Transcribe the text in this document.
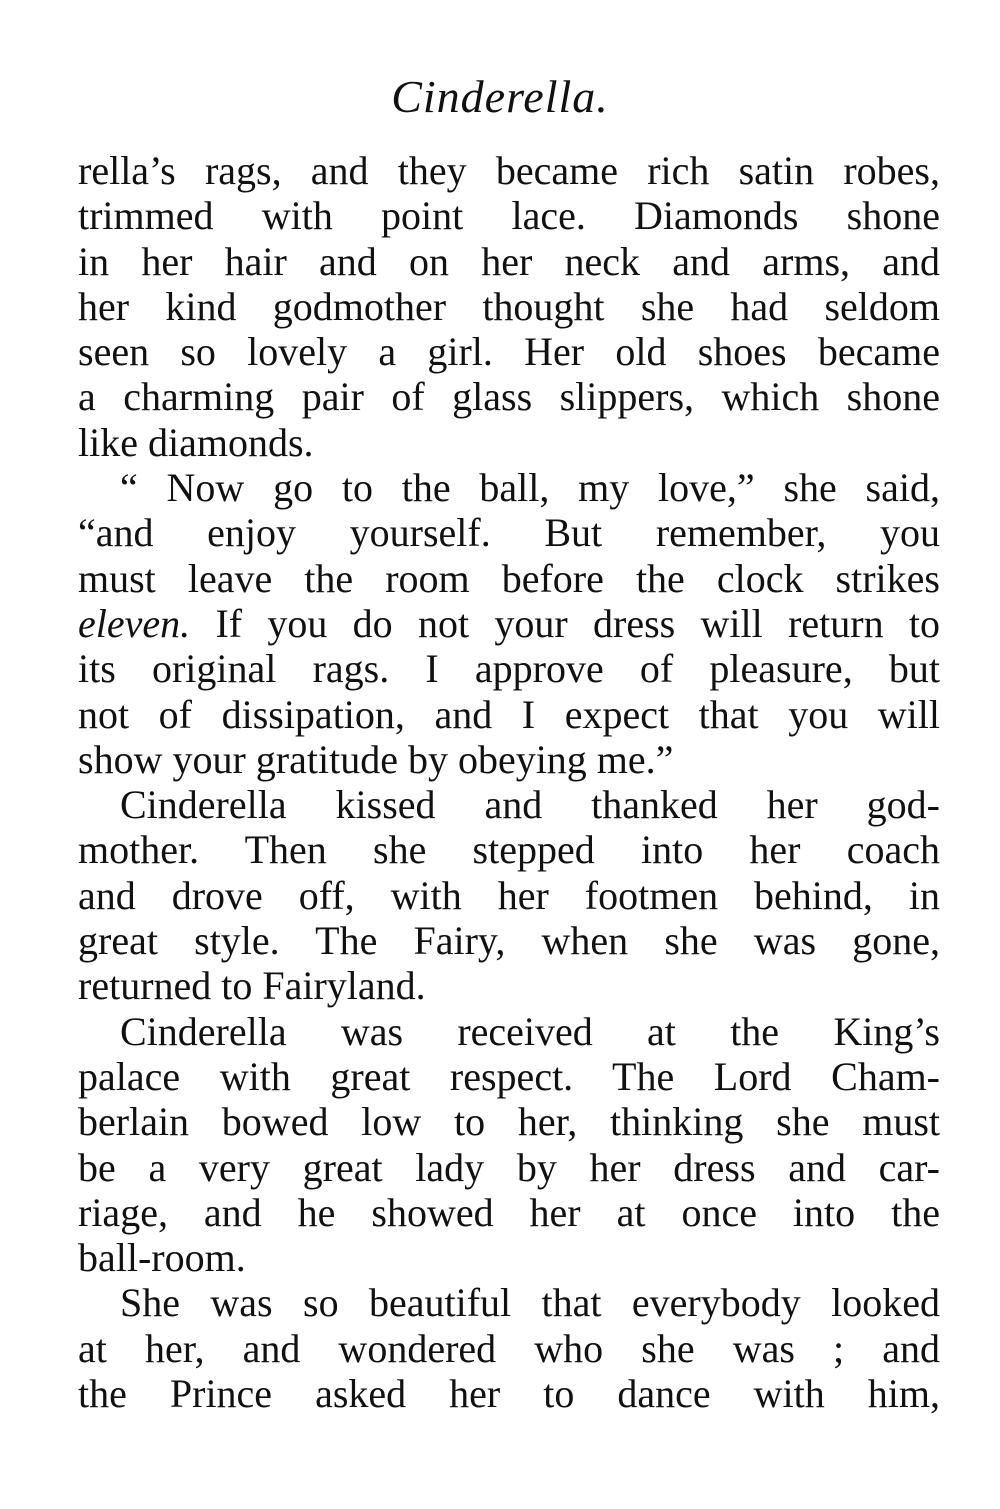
Cinderella.
rella’s rags, and they became rich satin robes,
trimmed with point lace. Diamonds shone
in her hair and on her neck and arms, and
her kind godmother thought she had seldom
seen so lovely a girl. Her old shoes became
a charming pair of glass slippers, which shone
like diamonds.
“ Now go to the ball, my love,” she said,
“and enjoy yourself. But remember, you
must leave the room before the clock strikes
eleven. If you do not your dress will return to
its original rags. I approve of pleasure, but
not of dissipation, and I expect that you will
show your gratitude by obeying me.”
Cinderella kissed and thanked her god-
mother. Then she stepped into her coach
and drove off, with her footmen behind, in
great style. The Fairy, when she was gone,
returned to Fairyland.
Cinderella was received at the King’s
palace with great respect. The Lord Cham-
berlain bowed low to her, thinking she must
be a very great lady by her dress and car-
riage, and he showed her at once into the
ball-room.
She was so beautiful that everybody looked
at her, and wondered who she was ; and
the Prince asked her to dance with him,
